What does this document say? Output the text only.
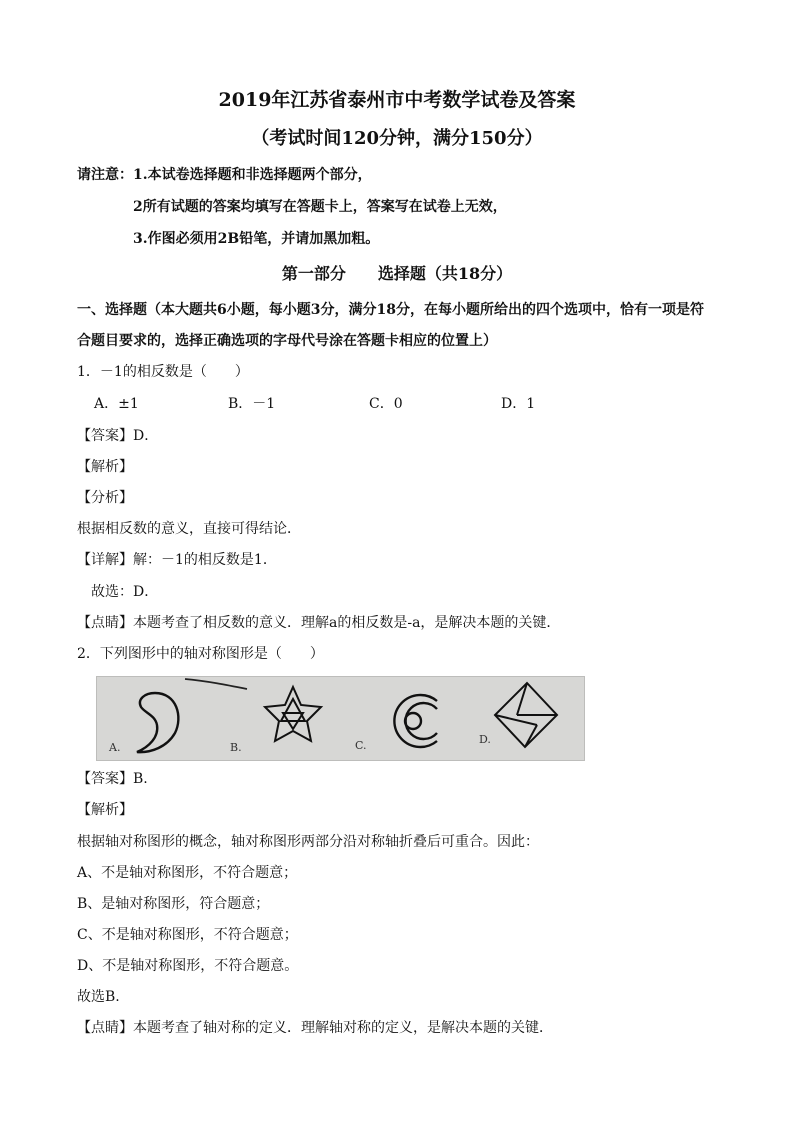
2019年江苏省泰州市中考数学试卷及答案
（考试时间120分钟，满分150分）
请注意：1.本试卷选择题和非选择题两个部分，
2所有试题的答案均填写在答题卡上，答案写在试卷上无效，
3.作图必须用2B铅笔，并请加黑加粗。
第一部分　　选择题（共18分）
一、选择题（本大题共6小题，每小题3分，满分18分，在每小题所给出的四个选项中，恰有一项是符
合题目要求的，选择正确选项的字母代号涂在答题卡相应的位置上）
1．－1的相反数是（　　）
A．±1	B．－1	C．0	D．1
【答案】D．
【解析】
【分析】
根据相反数的意义，直接可得结论．
【详解】解：－1的相反数是1．
故选：D．
【点睛】本题考查了相反数的意义．理解a的相反数是-a，是解决本题的关键．
2．下列图形中的轴对称图形是（　　）
A.	B.	C.	D.
【答案】B.
【解析】
根据轴对称图形的概念，轴对称图形两部分沿对称轴折叠后可重合。因此：
A、不是轴对称图形，不符合题意；
B、是轴对称图形，符合题意；
C、不是轴对称图形，不符合题意；
D、不是轴对称图形，不符合题意。
故选B.
【点睛】本题考查了轴对称的定义．理解轴对称的定义，是解决本题的关键．
